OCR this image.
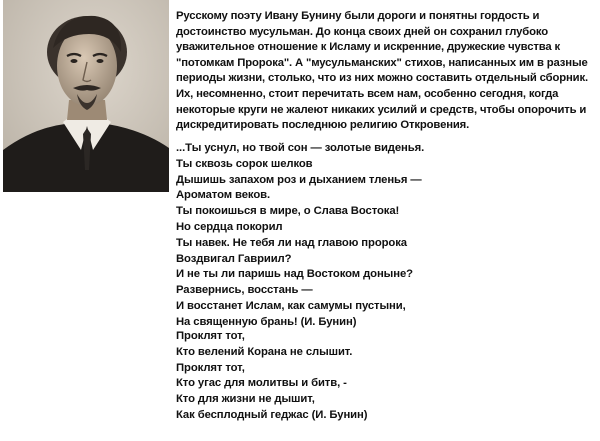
Русскому поэту Ивану Бунину были дороги и понятны гордость и достоинство мусульман. До конца своих дней он сохранил глубоко уважительное отношение к Исламу и искренние, дружеские чувства к "потомкам Пророка". А "мусульманских" стихов, написанных им в разные периоды жизни, столько, что из них можно составить отдельный сборник. Их, несомненно, стоит перечитать всем нам, особенно сегодня, когда некоторые круги не жалеют никаких усилий и средств, чтобы опорочить и дискредитировать последнюю религию Откровения.

...Ты уснул, но твой сон — золотые виденья.
Ты сквозь сорок шелков
Дышишь запахом роз и дыханием тленья —
Ароматом веков.
Ты покоишься в мире, о Слава Востока!
Но сердца покорил
Ты навек. Не тебя ли над главою пророка
Воздвигал Гавриил?
И не ты ли паришь над Востоком доныне?
Развернись, восстань —
И восстанет Ислам, как самумы пустыни,
На священную брань! (И. Бунин)
Проклят тот,
Кто велений Корана не слышит.
Проклят тот,
Кто угас для молитвы и битв, -
Кто для жизни не дышит,
Как бесплодный геджас (И. Бунин)
